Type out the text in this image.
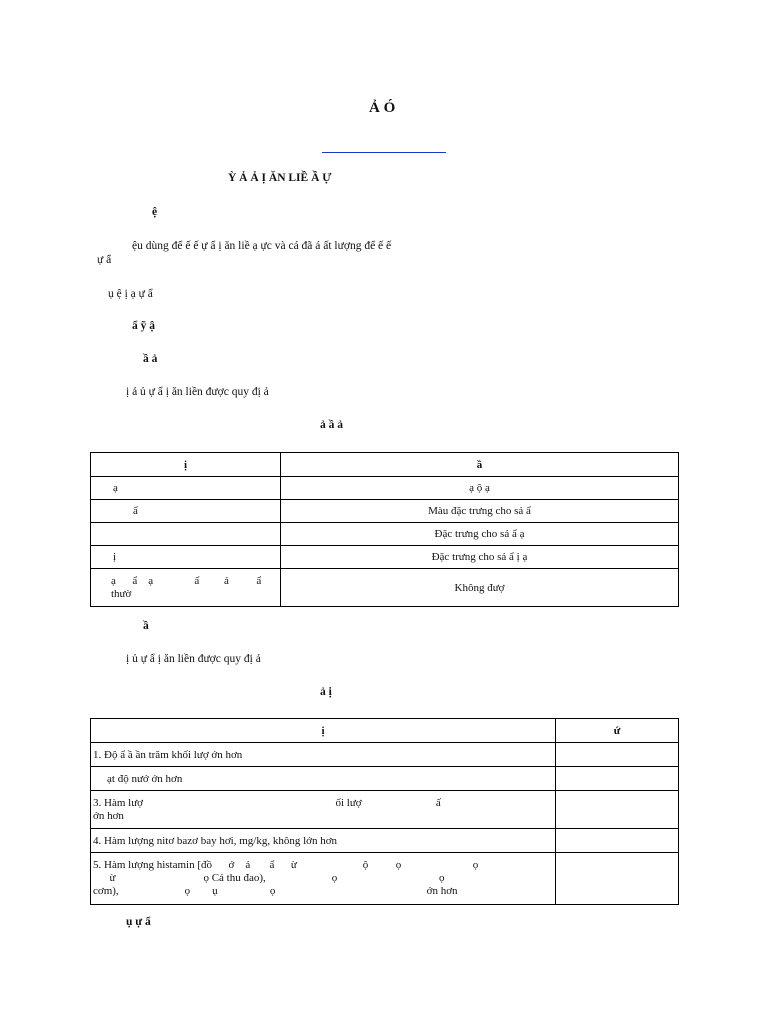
Ả Ó
Ỳ Ả Ả Ị ĂN LIỀ Ầ Ự
ệ
ệu dùng để ế ế ự ẩ ị ăn liề ạ ực và cá đã á ất lượng để ế ế
ự ẩ
ụ ệ ị ạ ự ẩ
ẩ ỹ ậ
ầ ả
ị ả ủ ự ẩ ị ăn liền được quy đị ả
ả ầ ả
ị	ầ
ạ	ạ ộ ạ
ẩ	Màu đặc trưng cho sả ẩ
	Đặc trưng cho sả ẩ ạ
ị	Đặc trưng cho sả ẩ ị ạ
ạ      ẩ    ạ               ấ         ả          ẩ
thườ	Không đượ
ầ
ị ủ ự ẩ ị ăn liền được quy đị ả
ả ị
ị	ứ
1. Độ ẩ ầ ần trăm khối lượ ớn hơn	
ạt độ nướ ớn hơn	
3. Hàm lượ                                                                      ối lượ                           ấ
ớn hơn	
4. Hàm lượng nitơ bazơ bay hơi, mg/kg, không lớn hơn	
5. Hàm lượng histamin [đồ      ớ    ả       ẩ      ừ                        ộ          ọ                          ọ
ừ                                ọ Cá thu đao),                        ọ                                     ọ
cơm),                        ọ        ụ                   ọ                                                       ớn hơn	
ụ ự ẩ
